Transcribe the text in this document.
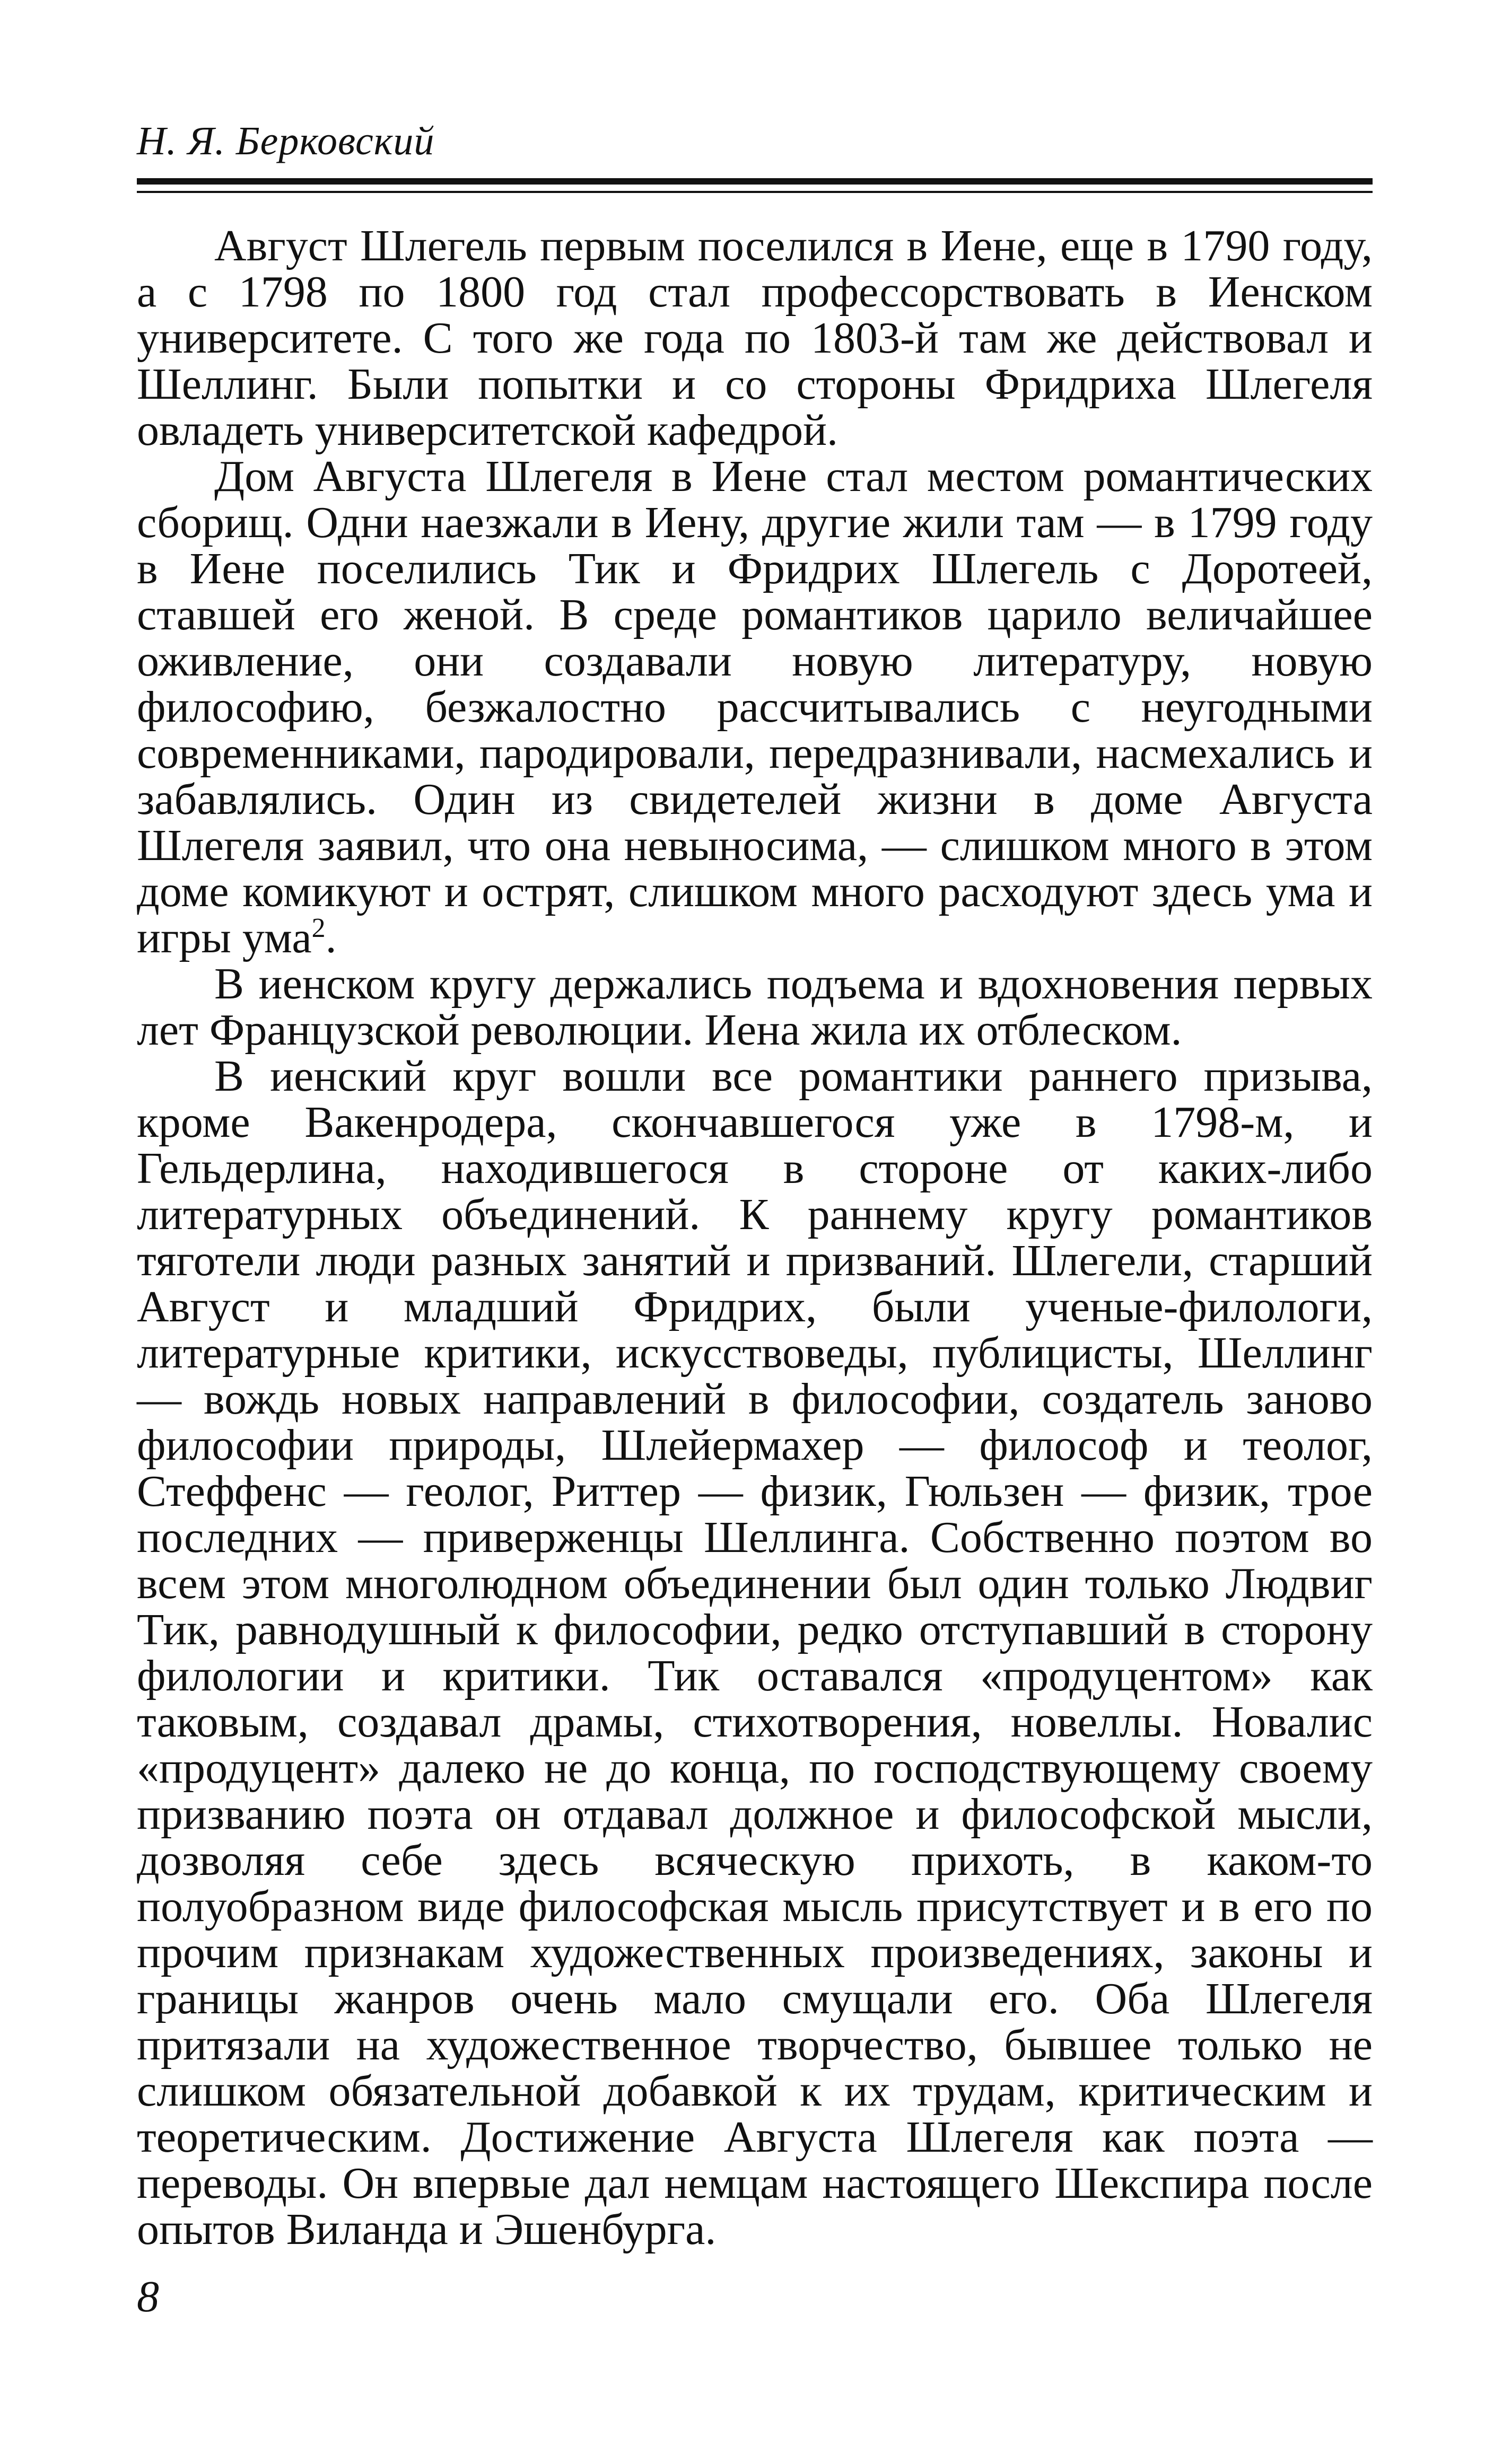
Н. Я. Берковский

Август Шлегель первым поселился в Иене, еще в 1790 году, а с 1798 по 1800 год стал профессорствовать в Иенском университете. С того же года по 1803-й там же действовал и Шеллинг. Были попытки и со стороны Фридриха Шлегеля овладеть университетской кафедрой.

Дом Августа Шлегеля в Иене стал местом романтических сборищ. Одни наезжали в Иену, другие жили там — в 1799 году в Иене поселились Тик и Фридрих Шлегель с Доротеей, ставшей его женой. В среде романтиков царило величайшее оживление, они создавали новую литературу, новую философию, безжалостно рассчитывались с неугодными современниками, пародировали, передразнивали, насмехались и забавлялись. Один из свидетелей жизни в доме Августа Шлегеля заявил, что она невыносима, — слишком много в этом доме комикуют и острят, слишком много расходуют здесь ума и игры ума$^2$.

В иенском кругу держались подъема и вдохновения первых лет Французской революции. Иена жила их отблеском.

В иенский круг вошли все романтики раннего призыва, кроме Вакенродера, скончавшегося уже в 1798-м, и Гельдерлина, находившегося в стороне от каких-либо литературных объединений. К раннему кругу романтиков тяготели люди разных занятий и призваний. Шлегели, старший Август и младший Фридрих, были ученые-филологи, литературные критики, искусствоведы, публицисты, Шеллинг — вождь новых направлений в философии, создатель заново философии природы, Шлейермахер — философ и теолог, Стеффенс — геолог, Риттер — физик, Гюльзен — физик, трое последних — приверженцы Шеллинга. Собственно поэтом во всем этом многолюдном объединении был один только Людвиг Тик, равнодушный к философии, редко отступавший в сторону филологии и критики. Тик оставался «продуцентом» как таковым, создавал драмы, стихотворения, новеллы. Новалис «продуцент» далеко не до конца, по господствующему своему призванию поэта он отдавал должное и философской мысли, дозволяя себе здесь всяческую прихоть, в каком-то полуобразном виде философская мысль присутствует и в его по прочим признакам художественных произведениях, законы и границы жанров очень мало смущали его. Оба Шлегеля притязали на художественное творчество, бывшее только не слишком обязательной добавкой к их трудам, критическим и теоретическим. Достижение Августа Шлегеля как поэта — переводы. Он впервые дал немцам настоящего Шекспира после опытов Виланда и Эшенбурга.

8
